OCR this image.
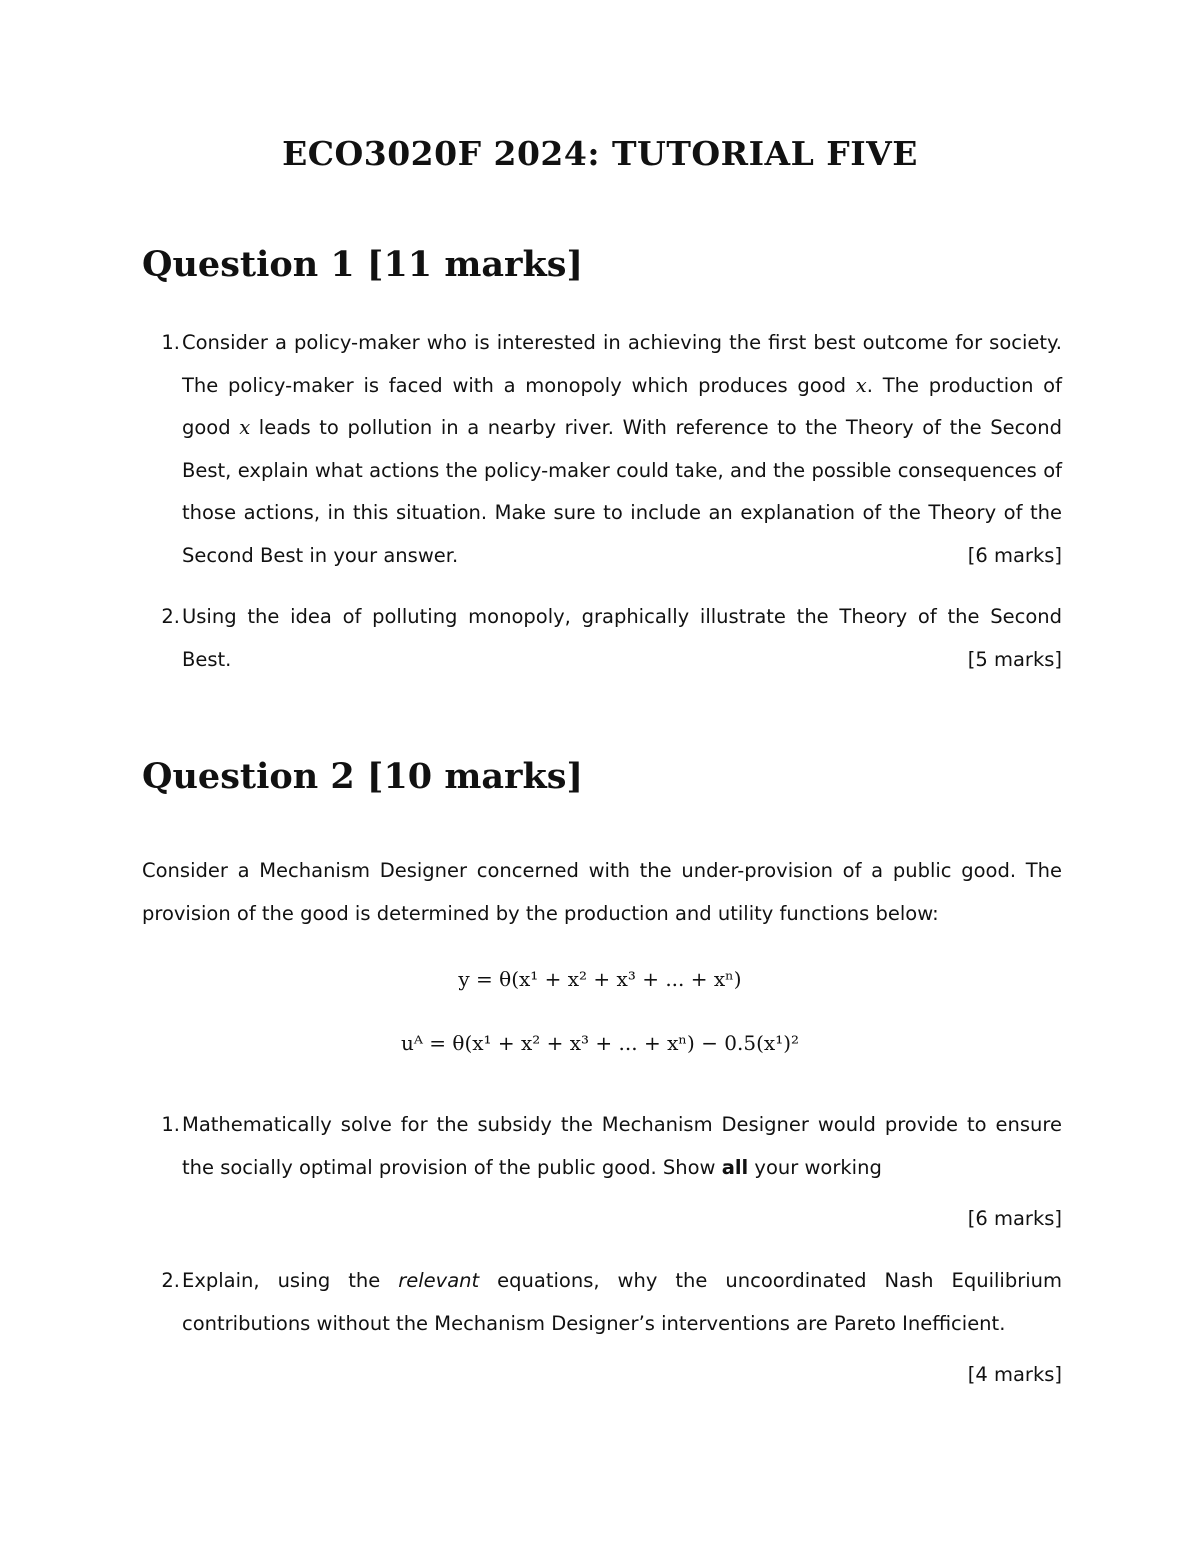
ECO3020F 2024: TUTORIAL FIVE
Question 1 [11 marks]
1. Consider a policy-maker who is interested in achieving the first best outcome for society. The policy-maker is faced with a monopoly which produces good x. The production of good x leads to pollution in a nearby river. With reference to the Theory of the Second Best, explain what actions the policy-maker could take, and the possible consequences of those actions, in this situation. Make sure to include an explanation of the Theory of the Second Best in your answer.	[6 marks]
2. Using the idea of polluting monopoly, graphically illustrate the Theory of the Second Best.	[5 marks]
Question 2 [10 marks]
Consider a Mechanism Designer concerned with the under-provision of a public good. The provision of the good is determined by the production and utility functions below:
y = θ(x¹ + x² + x³ + ... + xⁿ)
uᴬ = θ(x¹ + x² + x³ + ... + xⁿ) − 0.5(x¹)²
1. Mathematically solve for the subsidy the Mechanism Designer would provide to ensure the socially optimal provision of the public good. Show all your working
[6 marks]
2. Explain, using the relevant equations, why the uncoordinated Nash Equilibrium contributions without the Mechanism Designer’s interventions are Pareto Inefficient.
[4 marks]
